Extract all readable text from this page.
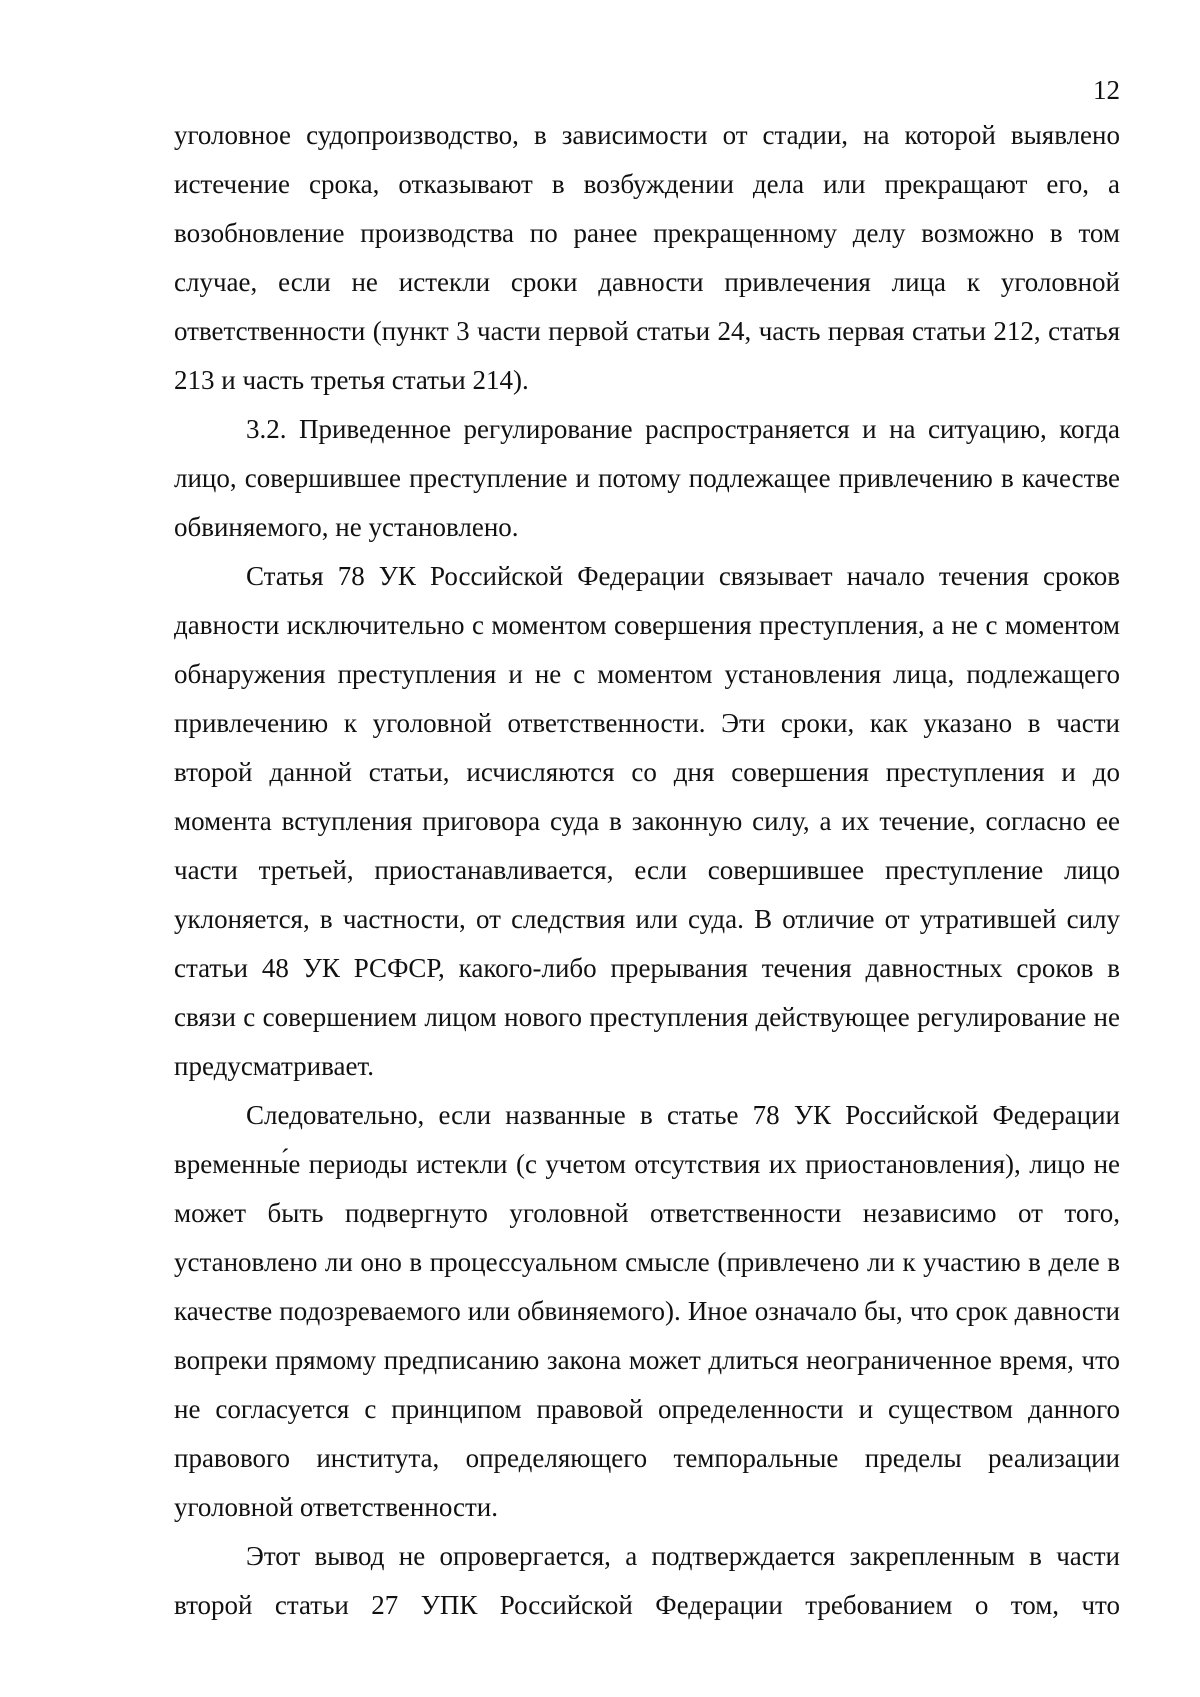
12

уголовное судопроизводство, в зависимости от стадии, на которой выявлено истечение срока, отказывают в возбуждении дела или прекращают его, а возобновление производства по ранее прекращенному делу возможно в том случае, если не истекли сроки давности привлечения лица к уголовной ответственности (пункт 3 части первой статьи 24, часть первая статьи 212, статья 213 и часть третья статьи 214).

3.2. Приведенное регулирование распространяется и на ситуацию, когда лицо, совершившее преступление и потому подлежащее привлечению в качестве обвиняемого, не установлено.

Статья 78 УК Российской Федерации связывает начало течения сроков давности исключительно с моментом совершения преступления, а не с моментом обнаружения преступления и не с моментом установления лица, подлежащего привлечению к уголовной ответственности. Эти сроки, как указано в части второй данной статьи, исчисляются со дня совершения преступления и до момента вступления приговора суда в законную силу, а их течение, согласно ее части третьей, приостанавливается, если совершившее преступление лицо уклоняется, в частности, от следствия или суда. В отличие от утратившей силу статьи 48 УК РСФСР, какого-либо прерывания течения давностных сроков в связи с совершением лицом нового преступления действующее регулирование не предусматривает.

Следовательно, если названные в статье 78 УК Российской Федерации временны́е периоды истекли (с учетом отсутствия их приостановления), лицо не может быть подвергнуто уголовной ответственности независимо от того, установлено ли оно в процессуальном смысле (привлечено ли к участию в деле в качестве подозреваемого или обвиняемого). Иное означало бы, что срок давности вопреки прямому предписанию закона может длиться неограниченное время, что не согласуется с принципом правовой определенности и существом данного правового института, определяющего темпоральные пределы реализации уголовной ответственности.

Этот вывод не опровергается, а подтверждается закрепленным в части второй статьи 27 УПК Российской Федерации требованием о том, что
